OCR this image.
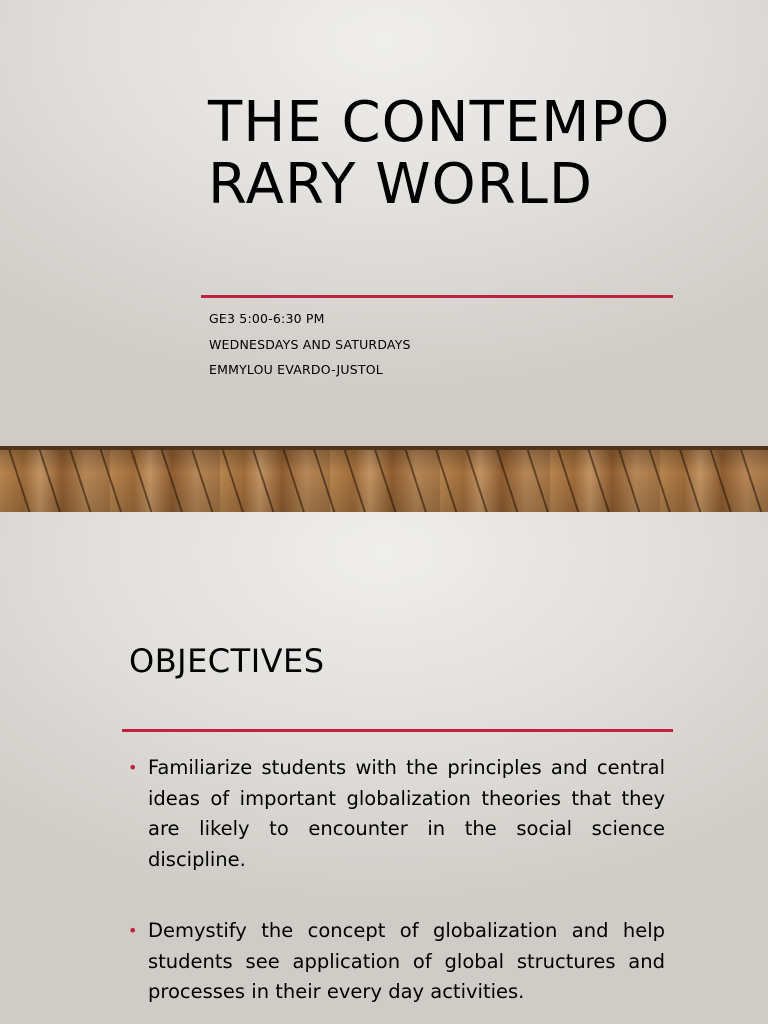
THE CONTEMPORARY WORLD
GE3 5:00-6:30 PM
WEDNESDAYS AND SATURDAYS
EMMYLOU EVARDO-JUSTOL
OBJECTIVES
• Familiarize students with the principles and central ideas of important globalization theories that they are likely to encounter in the social science discipline.
• Demystify the concept of globalization and help students see application of global structures and processes in their every day activities.
